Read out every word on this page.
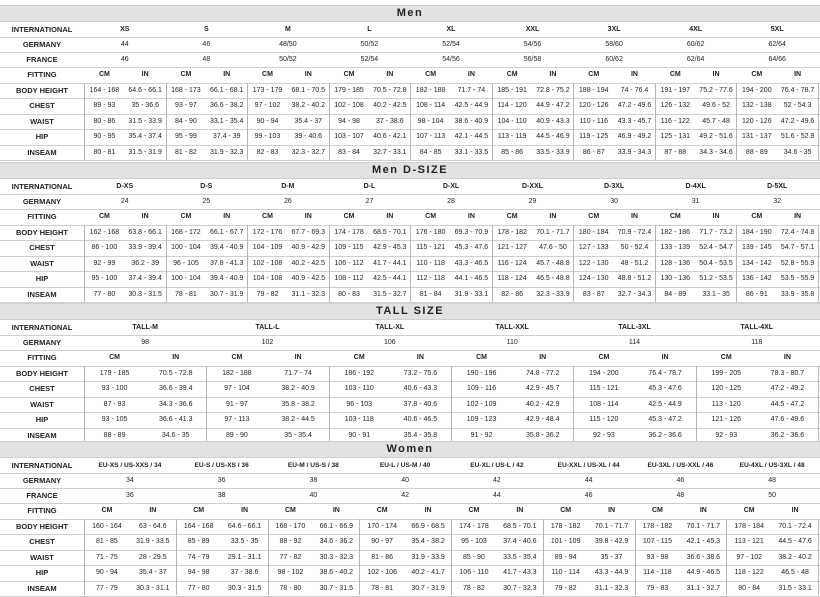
Men
INTERNATIONAL	XS	S	M	L	XL	XXL	3XL	4XL	5XL
GERMANY	44	46	48/50	50/52	52/54	54/56	58/60	60/62	62/64
FRANCE	46	48	50/52	52/54	54/56	56/58	60/62	62/64	64/66
FITTING	CM	IN	CM	IN	CM	IN	CM	IN	CM	IN	CM	IN	CM	IN	CM	IN	CM	IN
BODY HEIGHT	164 - 168	64.6 - 66.1	168 - 173	66.1 - 68.1	173 - 179	68.1 - 70.5	179 - 185	70.5 - 72.8	182 - 188	71.7 - 74	185 - 191	72.8 - 75.2	188 - 194	74 - 76.4	191 - 197	75.2 - 77.6	194 - 200	76.4 - 78.7
CHEST	89 - 93	35 - 36.6	93 - 97	36.6 - 38.2	97 - 102	38.2 - 40.2	102 - 108	40.2 - 42.5	108 - 114	42.5 - 44.9	114 - 120	44.9 - 47.2	120 - 126	47.2 - 49.6	126 - 132	49.6 - 52	132 - 138	52 - 54.3
WAIST	80 - 86	31.5 - 33.9	84 - 90	33.1 - 35.4	90 - 94	35.4 - 37	94 - 98	37 - 38.6	98 - 104	38.6 - 40.9	104 - 110	40.9 - 43.3	110 - 116	43.3 - 45.7	116 - 122	45.7 - 48	120 - 126	47.2 - 49.6
HIP	90 - 95	35.4 - 37.4	95 - 99	37.4 - 39	99 - 103	39 - 40.6	103 - 107	40.6 - 42.1	107 - 113	42.1 - 44.5	113 - 119	44.5 - 46.9	119 - 125	46.9 - 49.2	125 - 131	49.2 - 51.6	131 - 137	51.6 - 52.9
INSEAM	80 - 81	31.5 - 31.9	81 - 82	31.9 - 32.3	82 - 83	32.3 - 32.7	83 - 84	32.7 - 33.1	84 - 85	33.1 - 33.5	85 - 86	33.5 - 33.9	86 - 87	33.9 - 34.3	87 - 88	34.3 - 34.6	88 - 89	34.6 - 35
Men D-SIZE
INTERNATIONAL	D-XS	D-S	D-M	D-L	D-XL	D-XXL	D-3XL	D-4XL	D-5XL
GERMANY	24	25	26	27	28	29	30	31	32
FITTING	CM	IN	CM	IN	CM	IN	CM	IN	CM	IN	CM	IN	CM	IN	CM	IN	CM	IN
BODY HEIGHT	162 - 168	63.8 - 66.1	168 - 172	66.1 - 67.7	172 - 176	67.7 - 69.3	174 - 178	68.5 - 70.1	176 - 180	69.3 - 70.9	178 - 182	70.1 - 71.7	180 - 184	70.9 - 72.4	182 - 186	71.7 - 73.2	184 - 190	72.4 - 74.8
CHEST	86 - 100	33.9 - 39.4	100 - 104	39.4 - 40.9	104 - 109	40.9 - 42.9	109 - 115	42.9 - 45.3	115 - 121	45.3 - 47.6	121 - 127	47.6 - 50	127 - 133	50 - 52.4	133 - 139	52.4 - 54.7	139 - 145	54.7 - 57.1
WAIST	92 - 99	36.2 - 39	96 - 105	37.8 - 41.3	102 - 108	40.2 - 42.5	106 - 112	41.7 - 44.1	110 - 118	43.3 - 46.5	116 - 124	45.7 - 48.8	122 - 130	48 - 51.2	128 - 136	50.4 - 53.5	134 - 142	52.8 - 55.9
HIP	95 - 100	37.4 - 39.4	100 - 104	39.4 - 40.9	104 - 108	40.9 - 42.5	108 - 112	42.5 - 44.1	112 - 118	44.1 - 46.5	118 - 124	46.5 - 48.8	124 - 130	48.8 - 51.2	130 - 136	51.2 - 53.5	136 - 142	53.5 - 55.9
INSEAM	77 - 80	30.3 - 31.5	78 - 81	30.7 - 31.9	79 - 82	31.1 - 32.3	80 - 83	31.5 - 32.7	81 - 84	31.9 - 33.1	82 - 86	32.3 - 33.9	83 - 87	32.7 - 34.3	84 - 89	33.1 - 35	86 - 91	33.9 - 35.8
TALL SIZE
INTERNATIONAL	TALL-M	TALL-L	TALL-XL	TALL-XXL	TALL-3XL	TALL-4XL
GERMANY	98	102	106	110	114	118
FITTING	CM	IN	CM	IN	CM	IN	CM	IN	CM	IN	CM	IN
BODY HEIGHT	179 - 185	70.5 - 72.8	182 - 188	71.7 - 74	186 - 192	73.2 - 75.6	190 - 196	74.8 - 77.2	194 - 200	76.4 - 78.7	199 - 205	78.3 - 80.7
CHEST	93 - 100	36.6 - 39.4	97 - 104	38.2 - 40.9	103 - 110	40.6 - 43.3	109 - 116	42.9 - 45.7	115 - 121	45.3 - 47.6	120 - 125	47.2 - 49.2
WAIST	87 - 93	34.3 - 36.6	91 - 97	35.8 - 38.2	96 - 103	37.8 - 40.6	102 - 109	40.2 - 42.9	108 - 114	42.5 - 44.9	113 - 120	44.5 - 47.2
HIP	93 - 105	36.6 - 41.3	97 - 113	38.2 - 44.5	103 - 118	40.6 - 46.5	109 - 123	42.9 - 48.4	115 - 120	45.3 - 47.2	121 - 126	47.6 - 49.6
INSEAM	88 - 89	34.6 - 35	89 - 90	35 - 35.4	90 - 91	35.4 - 35.8	91 - 92	35.8 - 36.2	92 - 93	36.2 - 36.6	92 - 93	36.2 - 36.6
Women
INTERNATIONAL	EU-XS / US-XXS / 34	EU-S / US-XS / 36	EU-M / US-S / 38	EU-L / US-M / 40	EU-XL / US-L / 42	EU-XXL / US-XL / 44	EU-3XL / US-XXL / 46	EU-4XL / US-3XL / 48
GERMANY	34	36	38	40	42	44	46	48
FRANCE	36	38	40	42	44	46	48	50
FITTING	CM	IN	CM	IN	CM	IN	CM	IN	CM	IN	CM	IN	CM	IN	CM	IN
BODY HEIGHT	160 - 164	63 - 64.6	164 - 168	64.6 - 66.1	168 - 170	66.1 - 66.9	170 - 174	66.9 - 68.5	174 - 178	68.5 - 70.1	178 - 182	70.1 - 71.7	178 - 182	70.1 - 71.7	178 - 184	70.1 - 72.4
CHEST	81 - 85	31.9 - 33.5	85 - 89	33.5 - 35	88 - 92	34.6 - 36.2	90 - 97	35.4 - 38.2	95 - 103	37.4 - 40.6	101 - 109	39.8 - 42.9	107 - 115	42.1 - 45.3	113 - 121	44.5 - 47.6
WAIST	71 - 75	28 - 29.5	74 - 79	29.1 - 31.1	77 - 82	30.3 - 32.3	81 - 86	31.9 - 33.9	85 - 90	33.5 - 35.4	89 - 94	35 - 37	93 - 98	36.6 - 38.6	97 - 102	38.2 - 40.2
HIP	90 - 94	35.4 - 37	94 - 98	37 - 38.6	98 - 102	38.6 - 40.2	102 - 106	40.2 - 41.7	106 - 110	41.7 - 43.3	110 - 114	43.3 - 44.9	114 - 118	44.9 - 46.5	118 - 122	46.5 - 48
INSEAM	77 - 79	30.3 - 31.1	77 - 80	30.3 - 31.5	78 - 80	30.7 - 31.5	78 - 81	30.7 - 31.9	78 - 82	30.7 - 32.3	79 - 82	31.1 - 32.3	79 - 83	31.1 - 32.7	80 - 84	31.5 - 33.1
